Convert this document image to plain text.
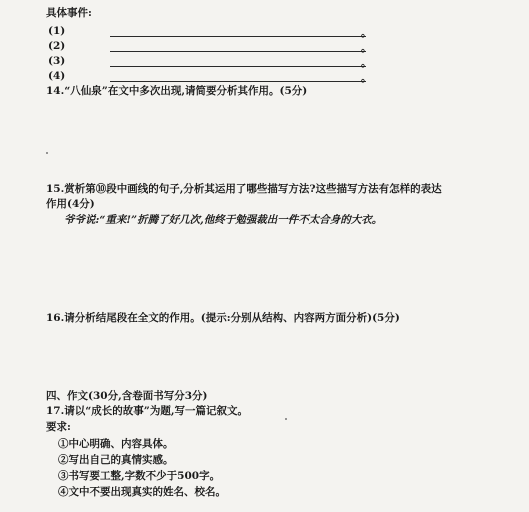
具体事件:
(1)	。
(2)	。
(3)	。
(4)	。
14.“八仙泉”在文中多次出现,请简要分析其作用。(5分)
15.赏析第⑩段中画线的句子,分析其运用了哪些描写方法?这些描写方法有怎样的表达
作用(4分)
爷爷说:“重来!”折腾了好几次,他终于勉强裁出一件不太合身的大衣。
16.请分析结尾段在全文的作用。(提示:分别从结构、内容两方面分析)(5分)
四、作文(30分,含卷面书写分3分)
17.请以“成长的故事”为题,写一篇记叙文。
要求:
①中心明确、内容具体。
②写出自己的真情实感。
③书写要工整,字数不少于500字。
④文中不要出现真实的姓名、校名。
